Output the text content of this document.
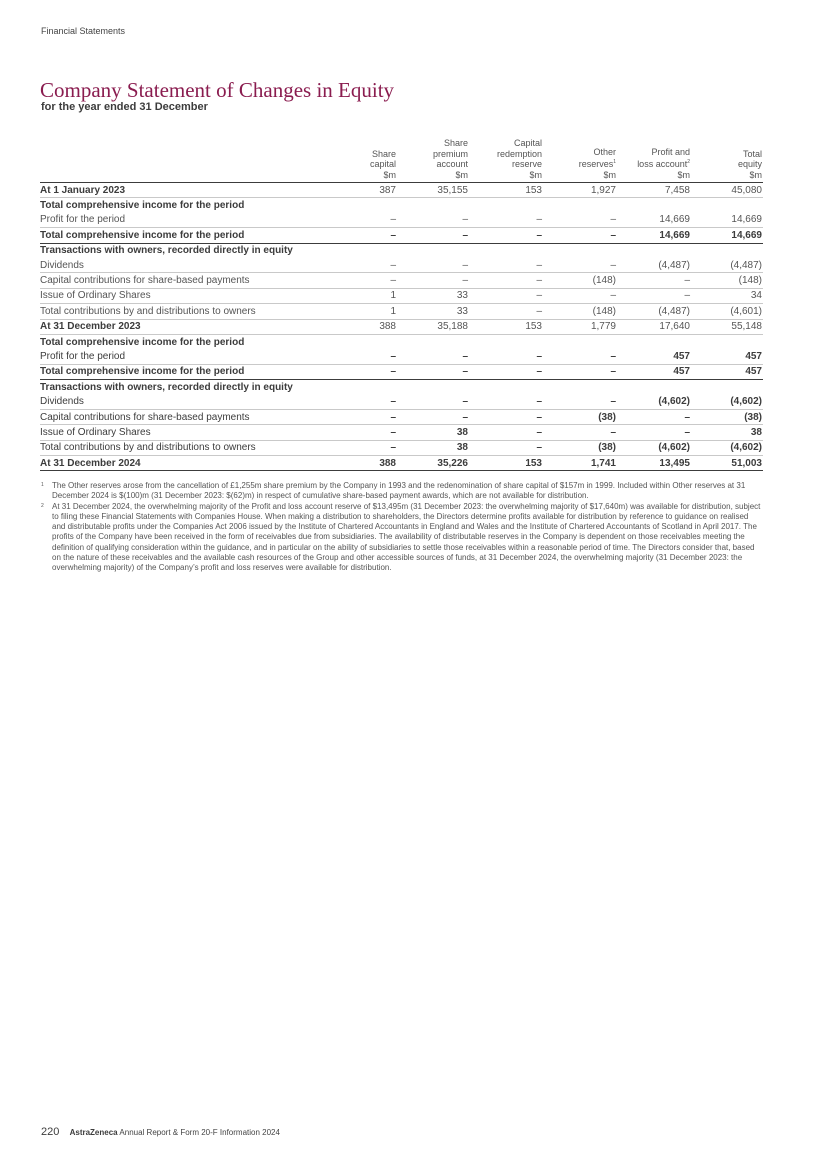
Financial Statements
Company Statement of Changes in Equity
for the year ended 31 December
	Share
capital
$m	Share
premium
account
$m	Capital
redemption
reserve
$m	Other
reserves$^1$
$m	Profit and
loss account$^2$
$m	Total
equity
$m
At 1 January 2023	387	35,155	153	1,927	7,458	45,080
Total comprehensive income for the period						
Profit for the period	–	–	–	–	14,669	14,669
Total comprehensive income for the period	–	–	–	–	14,669	14,669
Transactions with owners, recorded directly in equity						
Dividends	–	–	–	–	(4,487)	(4,487)
Capital contributions for share-based payments	–	–	–	(148)	–	(148)
Issue of Ordinary Shares	1	33	–	–	–	34
Total contributions by and distributions to owners	1	33	–	(148)	(4,487)	(4,601)
At 31 December 2023	388	35,188	153	1,779	17,640	55,148
Total comprehensive income for the period						
Profit for the period	–	–	–	–	457	457
Total comprehensive income for the period	–	–	–	–	457	457
Transactions with owners, recorded directly in equity						
Dividends	–	–	–	–	(4,602)	(4,602)
Capital contributions for share-based payments	–	–	–	(38)	–	(38)
Issue of Ordinary Shares	–	38	–	–	–	38
Total contributions by and distributions to owners	–	38	–	(38)	(4,602)	(4,602)
At 31 December 2024	388	35,226	153	1,741	13,495	51,003
1 The Other reserves arose from the cancellation of £1,255m share premium by the Company in 1993 and the redenomination of share capital of $157m in 1999. Included within Other reserves at 31 December 2024 is $(100)m (31 December 2023: $(62)m) in respect of cumulative share-based payment awards, which are not available for distribution.
2 At 31 December 2024, the overwhelming majority of the Profit and loss account reserve of $13,495m (31 December 2023: the overwhelming majority of $17,640m) was available for distribution, subject to filing these Financial Statements with Companies House. When making a distribution to shareholders, the Directors determine profits available for distribution by reference to guidance on realised and distributable profits under the Companies Act 2006 issued by the Institute of Chartered Accountants in England and Wales and the Institute of Chartered Accountants of Scotland in April 2017. The profits of the Company have been received in the form of receivables due from subsidiaries. The availability of distributable reserves in the Company is dependent on those receivables meeting the definition of qualifying consideration within the guidance, and in particular on the ability of subsidiaries to settle those receivables within a reasonable period of time. The Directors consider that, based on the nature of these receivables and the available cash resources of the Group and other accessible sources of funds, at 31 December 2024, the overwhelming majority (31 December 2023: the overwhelming majority) of the Company’s profit and loss reserves were available for distribution.
220 AstraZeneca Annual Report & Form 20-F Information 2024
